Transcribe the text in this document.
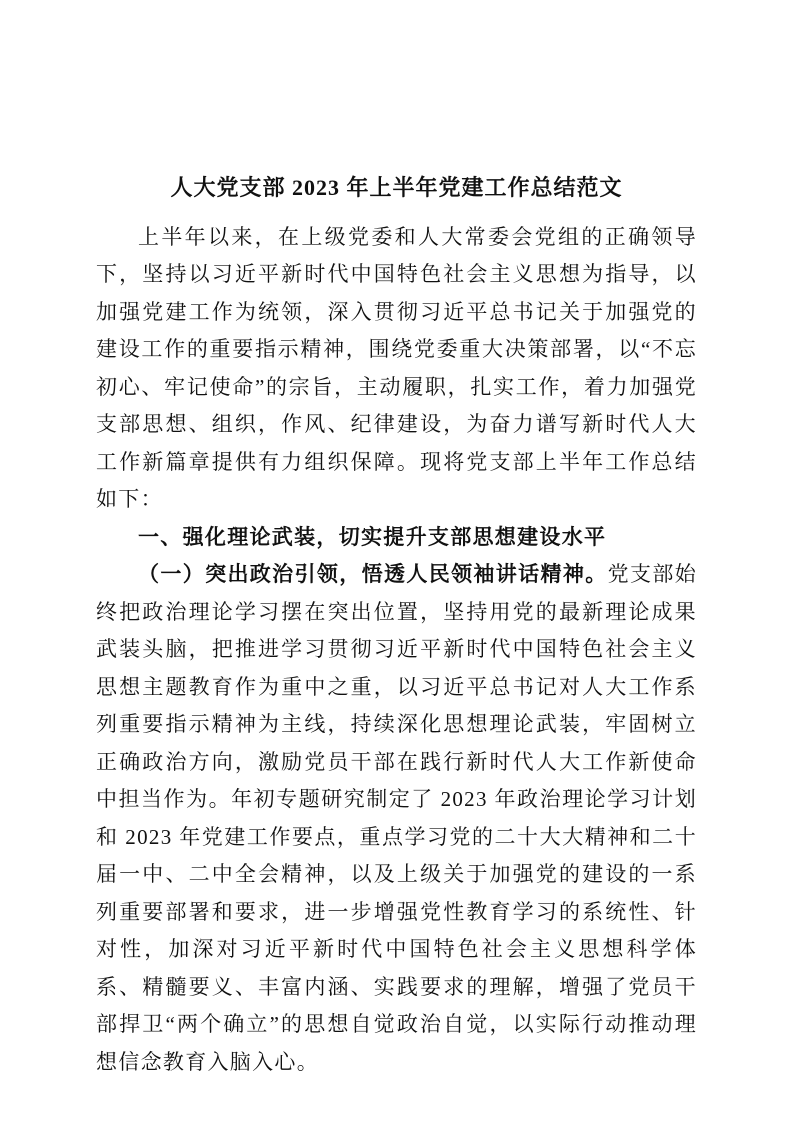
人大党支部 2023 年上半年党建工作总结范文

上半年以来，在上级党委和人大常委会党组的正确领导下，坚持以习近平新时代中国特色社会主义思想为指导，以加强党建工作为统领，深入贯彻习近平总书记关于加强党的建设工作的重要指示精神，围绕党委重大决策部署，以“不忘初心、牢记使命”的宗旨，主动履职，扎实工作，着力加强党支部思想、组织，作风、纪律建设，为奋力谱写新时代人大工作新篇章提供有力组织保障。现将党支部上半年工作总结如下：

一、强化理论武装，切实提升支部思想建设水平

（一）突出政治引领，悟透人民领袖讲话精神。党支部始终把政治理论学习摆在突出位置，坚持用党的最新理论成果武装头脑，把推进学习贯彻习近平新时代中国特色社会主义思想主题教育作为重中之重，以习近平总书记对人大工作系列重要指示精神为主线，持续深化思想理论武装，牢固树立正确政治方向，激励党员干部在践行新时代人大工作新使命中担当作为。年初专题研究制定了 2023 年政治理论学习计划和 2023 年党建工作要点，重点学习党的二十大大精神和二十届一中、二中全会精神，以及上级关于加强党的建设的一系列重要部署和要求，进一步增强党性教育学习的系统性、针对性，加深对习近平新时代中国特色社会主义思想科学体系、精髓要义、丰富内涵、实践要求的理解，增强了党员干部捍卫“两个确立”的思想自觉政治自觉，以实际行动推动理想信念教育入脑入心。
